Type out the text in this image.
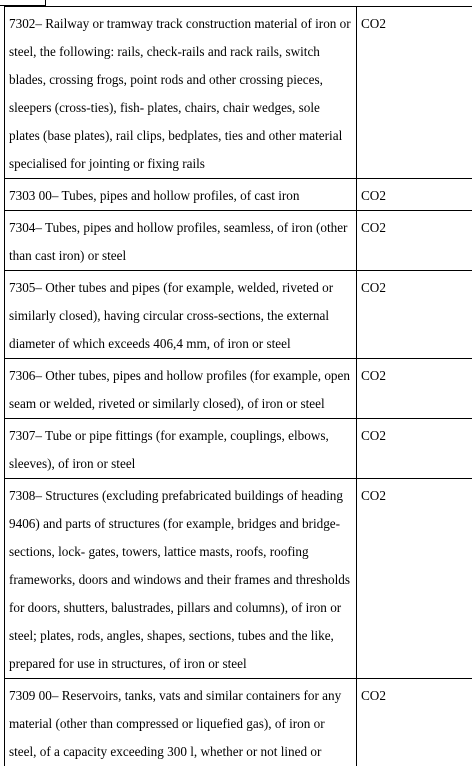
7302– Railway or tramway track construction material of iron or steel, the following: rails, check-rails and rack rails, switch blades, crossing frogs, point rods and other crossing pieces, sleepers (cross-ties), fish- plates, chairs, chair wedges, sole plates (base plates), rail clips, bedplates, ties and other material specialised for jointing or fixing rails	CO2
7303 00– Tubes, pipes and hollow profiles, of cast iron	CO2
7304– Tubes, pipes and hollow profiles, seamless, of iron (other than cast iron) or steel	CO2
7305– Other tubes and pipes (for example, welded, riveted or similarly closed), having circular cross-sections, the external diameter of which exceeds 406,4 mm, of iron or steel	CO2
7306– Other tubes, pipes and hollow profiles (for example, open seam or welded, riveted or similarly closed), of iron or steel	CO2
7307– Tube or pipe fittings (for example, couplings, elbows, sleeves), of iron or steel	CO2
7308– Structures (excluding prefabricated buildings of heading 9406) and parts of structures (for example, bridges and bridge-sections, lock- gates, towers, lattice masts, roofs, roofing frameworks, doors and windows and their frames and thresholds for doors, shutters, balustrades, pillars and columns), of iron or steel; plates, rods, angles, shapes, sections, tubes and the like, prepared for use in structures, of iron or steel	CO2
7309 00– Reservoirs, tanks, vats and similar containers for any material (other than compressed or liquefied gas), of iron or steel, of a capacity exceeding 300 l, whether or not lined or	CO2
